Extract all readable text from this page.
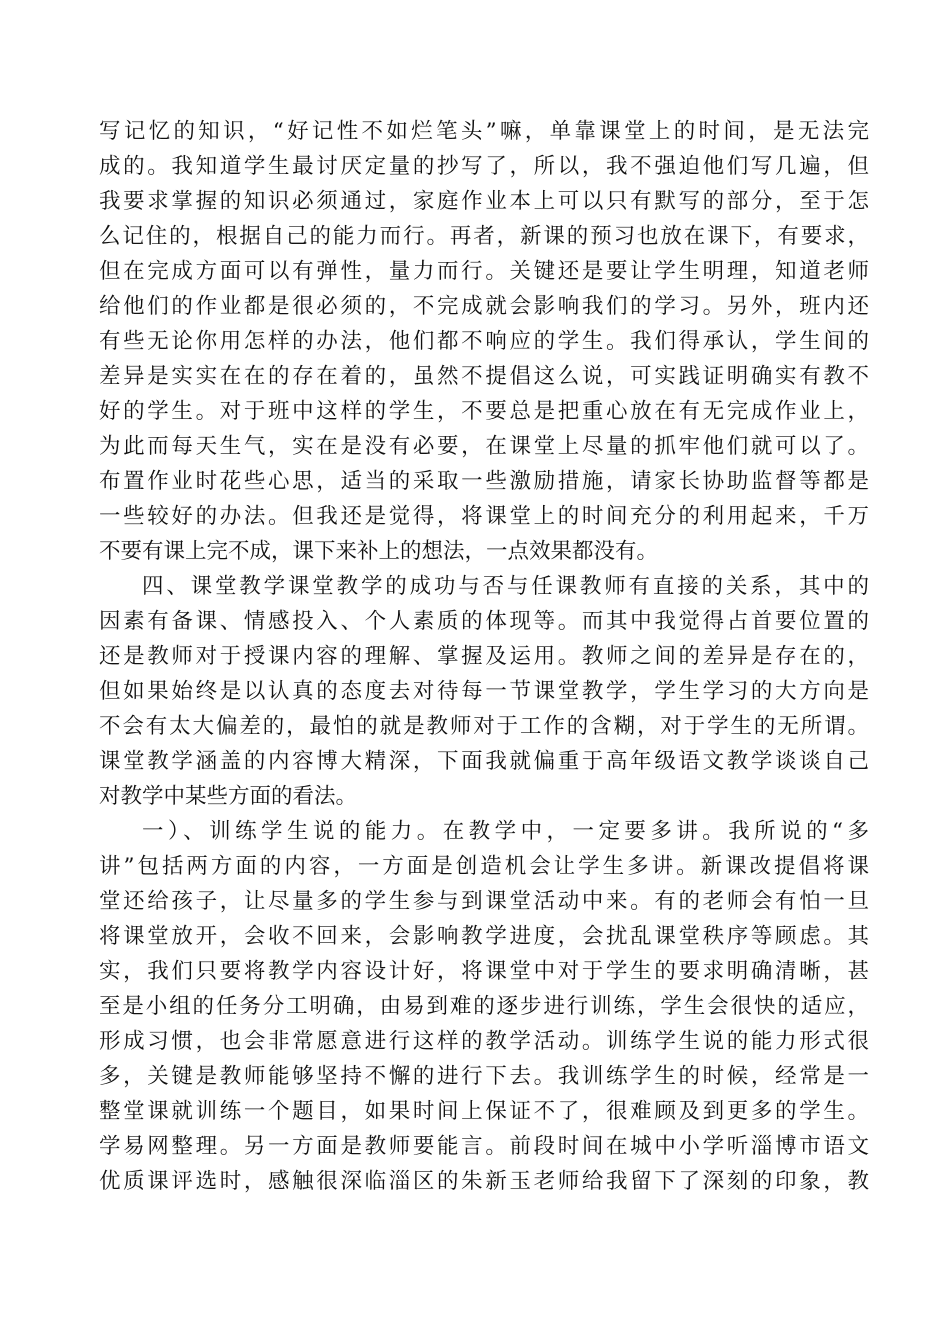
写记忆的知识，“好记性不如烂笔头”嘛，单靠课堂上的时间，是无法完
成的。我知道学生最讨厌定量的抄写了，所以，我不强迫他们写几遍，但
我要求掌握的知识必须通过，家庭作业本上可以只有默写的部分，至于怎
么记住的，根据自己的能力而行。再者，新课的预习也放在课下，有要求，
但在完成方面可以有弹性，量力而行。关键还是要让学生明理，知道老师
给他们的作业都是很必须的，不完成就会影响我们的学习。另外，班内还
有些无论你用怎样的办法，他们都不响应的学生。我们得承认，学生间的
差异是实实在在的存在着的，虽然不提倡这么说，可实践证明确实有教不
好的学生。对于班中这样的学生，不要总是把重心放在有无完成作业上，
为此而每天生气，实在是没有必要，在课堂上尽量的抓牢他们就可以了。
布置作业时花些心思，适当的采取一些激励措施，请家长协助监督等都是
一些较好的办法。但我还是觉得，将课堂上的时间充分的利用起来，千万
不要有课上完不成，课下来补上的想法，一点效果都没有。
四、课堂教学课堂教学的成功与否与任课教师有直接的关系，其中的
因素有备课、情感投入、个人素质的体现等。而其中我觉得占首要位置的
还是教师对于授课内容的理解、掌握及运用。教师之间的差异是存在的，
但如果始终是以认真的态度去对待每一节课堂教学，学生学习的大方向是
不会有太大偏差的，最怕的就是教师对于工作的含糊，对于学生的无所谓。
课堂教学涵盖的内容博大精深，下面我就偏重于高年级语文教学谈谈自己
对教学中某些方面的看法。
一）、训练学生说的能力。在教学中，一定要多讲。我所说的“多
讲”包括两方面的内容，一方面是创造机会让学生多讲。新课改提倡将课
堂还给孩子，让尽量多的学生参与到课堂活动中来。有的老师会有怕一旦
将课堂放开，会收不回来，会影响教学进度，会扰乱课堂秩序等顾虑。其
实，我们只要将教学内容设计好，将课堂中对于学生的要求明确清晰，甚
至是小组的任务分工明确，由易到难的逐步进行训练，学生会很快的适应，
形成习惯，也会非常愿意进行这样的教学活动。训练学生说的能力形式很
多，关键是教师能够坚持不懈的进行下去。我训练学生的时候，经常是一
整堂课就训练一个题目，如果时间上保证不了，很难顾及到更多的学生。
学易网整理。另一方面是教师要能言。前段时间在城中小学听淄博市语文
优质课评选时，感触很深临淄区的朱新玉老师给我留下了深刻的印象，教
